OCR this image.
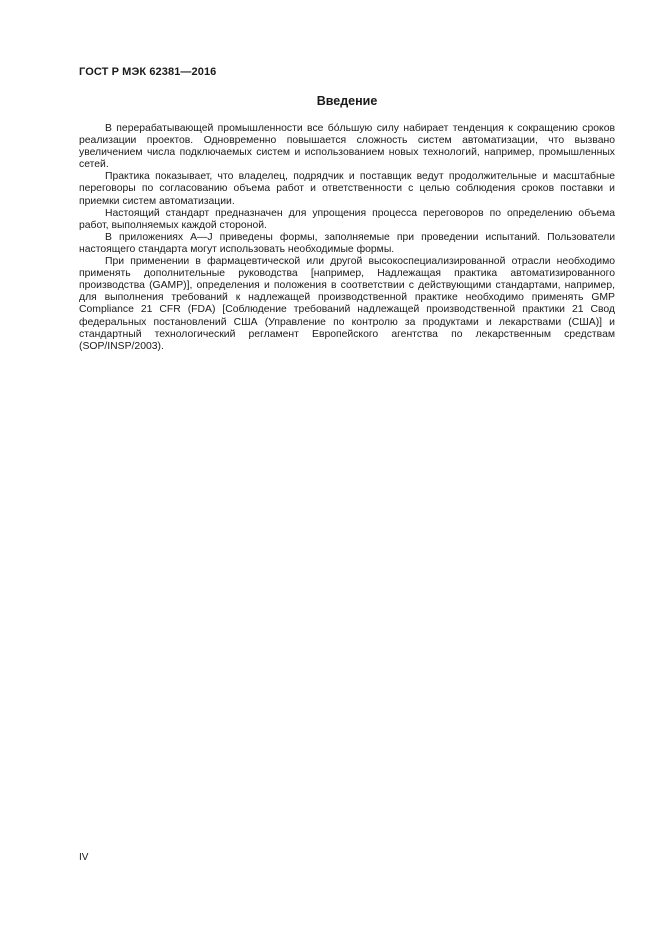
ГОСТ Р МЭК 62381—2016
Введение

В перерабатывающей промышленности все бо́льшую силу набирает тенденция к сокращению сроков реализации проектов. Одновременно повышается сложность систем автоматизации, что вызвано увеличением числа подключаемых систем и использованием новых технологий, например, промышленных сетей.

Практика показывает, что владелец, подрядчик и поставщик ведут продолжительные и масштабные переговоры по согласованию объема работ и ответственности с целью соблюдения сроков поставки и приемки систем автоматизации.

Настоящий стандарт предназначен для упрощения процесса переговоров по определению объема работ, выполняемых каждой стороной.

В приложениях A—J приведены формы, заполняемые при проведении испытаний. Пользователи настоящего стандарта могут использовать необходимые формы.

При применении в фармацевтической или другой высокоспециализированной отрасли необходимо применять дополнительные руководства [например, Надлежащая практика автоматизированного производства (GAMP)], определения и положения в соответствии с действующими стандартами, например, для выполнения требований к надлежащей производственной практике необходимо применять GMP Compliance 21 CFR (FDA) [Соблюдение требований надлежащей производственной практики 21 Свод федеральных постановлений США (Управление по контролю за продуктами и лекарствами (США)] и стандартный технологический регламент Европейского агентства по лекарственным средствам (SOP/INSP/2003).

IV
